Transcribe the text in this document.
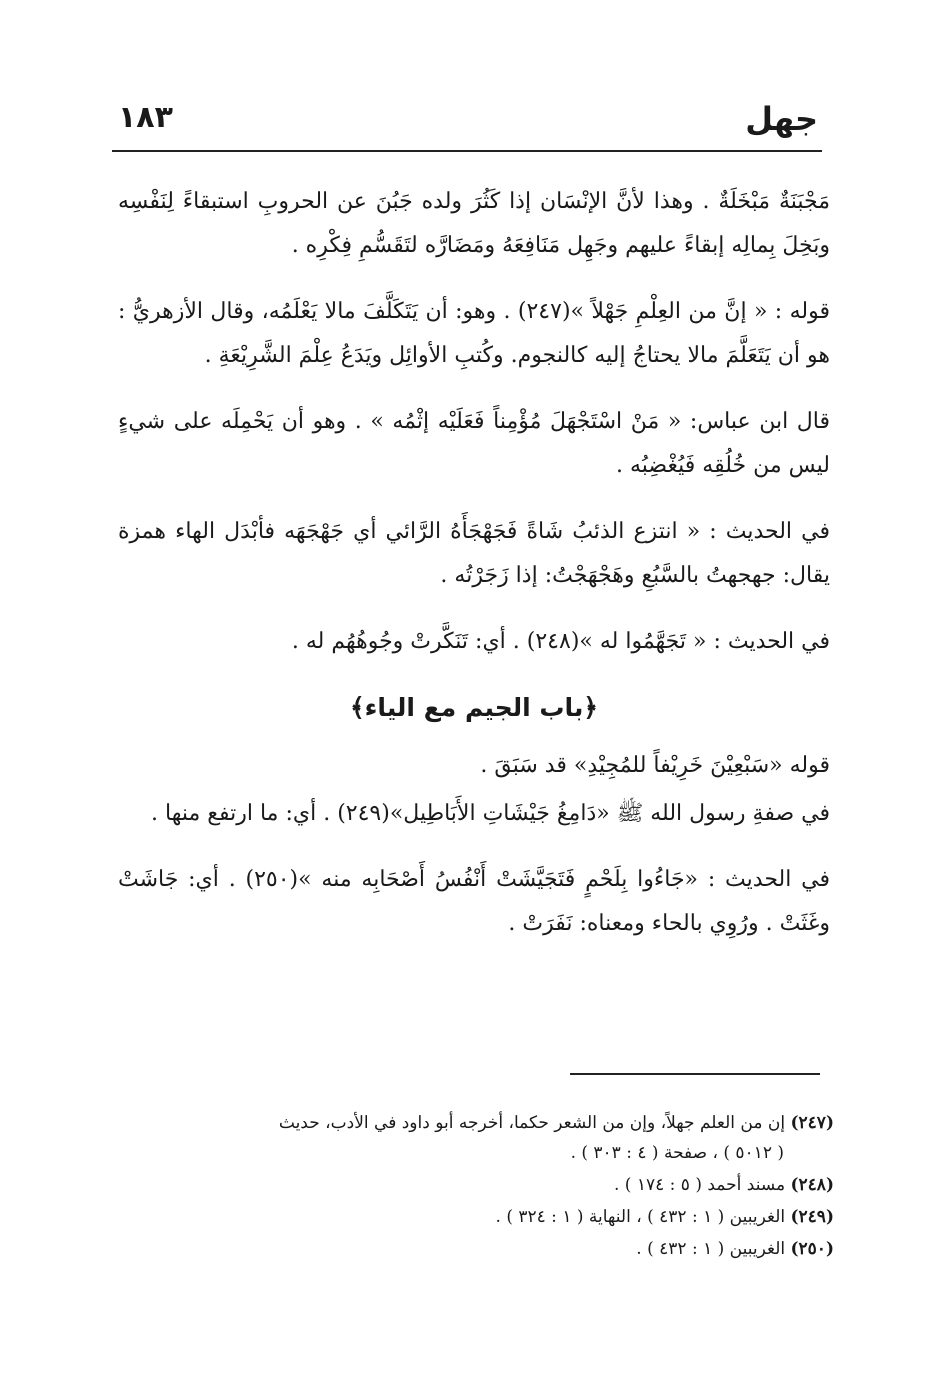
١٨٣	جهل

مَجْبَنَةٌ مَبْخَلَةٌ . وهذا لأنَّ الإنْسَان إذا كَثُرَ ولده جَبُنَ عن الحروبِ استبقاءً لِنَفْسِه وبَخِلَ بِمالِه إبقاءً عليهم وجَهِل مَنَافِعَهُ ومَضَارَّه لتَقَسُّمِ فِكْرِه .

قوله : « إنَّ من العِلْمِ جَهْلاً »(٢٤٧) . وهو: أن يَتَكَلَّفَ مالا يَعْلَمُه، وقال الأزهريُّ : هو أن يَتَعَلَّمَ مالا يحتاجُ إليه كالنجوم. وكُتبِ الأوائِل ويَدَعُ عِلْمَ الشَّرِيْعَةِ .

قال ابن عباس: « مَنْ اسْتَجْهَلَ مُؤْمِناً فَعَلَيْه إثْمُه » . وهو أن يَحْمِلَه على شيءٍ ليس من خُلُقِه فَيُغْضِبُه .

في الحديث : « انتزع الذئبُ شَاةً فَجَهْجَأَهُ الرَّائي أي جَهْجَهَه فأبْدَل الهاء همزة يقال: جهجهتُ بالسَّبُعِ وهَجْهَجْتُ: إذا زَجَرْتُه .

في الحديث : « تَجَهَّمُوا له »(٢٤٨) . أي: تَنَكَّرتْ وجُوهُهُم له .

﴿باب الجيم مع الياء﴾

قوله «سَبْعِيْنَ خَرِيْفاً للمُجِيْدِ» قد سَبَقَ .

في صفةِ رسول الله ﷺ «دَامِغُ جَيْشَاتِ الأَبَاطِيل»(٢٤٩) . أي: ما ارتفع منها .

في الحديث : «جَاءُوا بِلَحْمٍ فَتَجَيَّشَتْ أَنْفُسُ أَصْحَابِه منه »(٢٥٠) . أي: جَاشَتْ وغَثَتْ . ورُوِي بالحاء ومعناه: نَفَرَتْ .

(٢٤٧) إن من العلم جهلاً، وإن من الشعر حكما، أخرجه أبو داود في الأدب، حديث
( ٥٠١٢ ) ، صفحة ( ٤ : ٣٠٣ ) .

(٢٤٨) مسند أحمد ( ٥ : ١٧٤ ) .

(٢٤٩) الغريبين ( ١ : ٤٣٢ ) ، النهاية ( ١ : ٣٢٤ ) .

(٢٥٠) الغريبين ( ١ : ٤٣٢ ) .
